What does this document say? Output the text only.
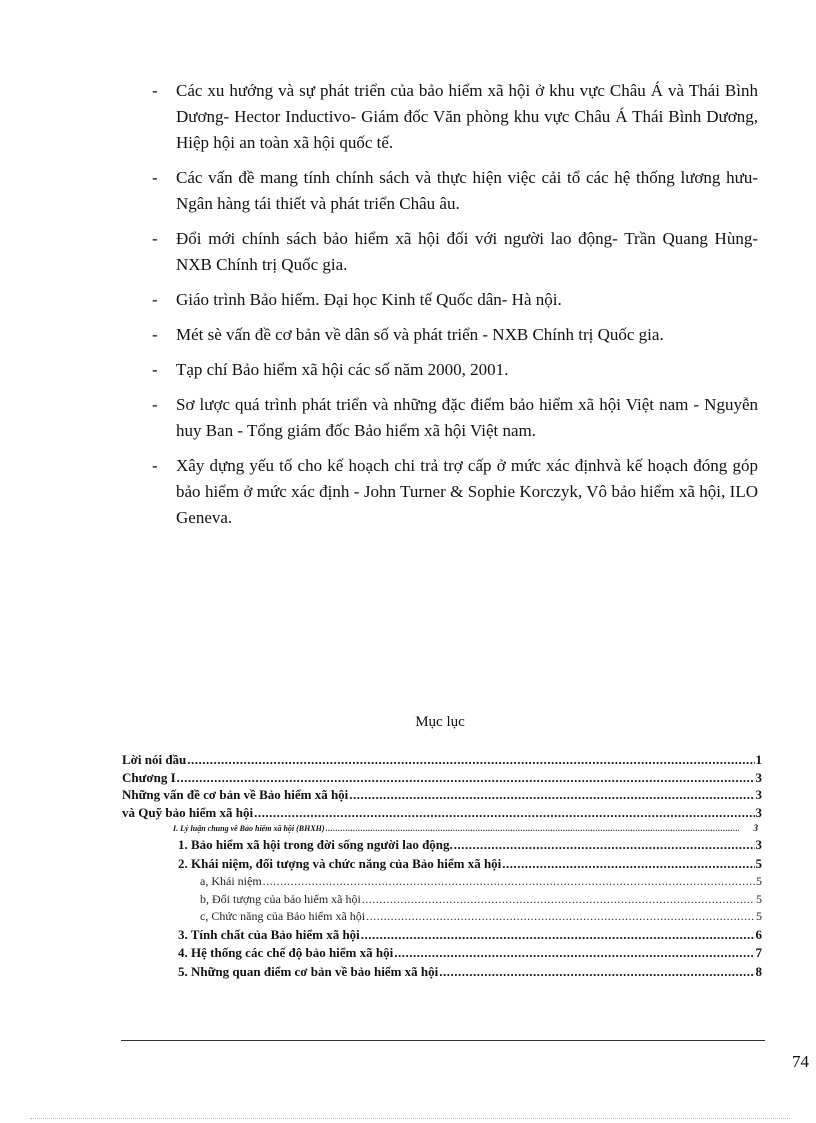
- Các xu hướng và sự phát triển của bảo hiểm xã hội ở khu vực Châu Á và Thái Bình Dương- Hector Inductivo- Giám đốc Văn phòng khu vực Châu Á Thái Bình Dương, Hiệp hội an toàn xã hội quốc tế.
- Các vấn đề mang tính chính sách và thực hiện việc cải tổ các hệ thống lương hưu- Ngân hàng tái thiết và phát triển Châu âu.
- Đổi mới chính sách bảo hiểm xã hội đối với người lao động- Trần Quang Hùng- NXB Chính trị Quốc gia.
- Giáo trình Bảo hiểm. Đại học Kinh tế Quốc dân- Hà nội.
- Mét sè vấn đề cơ bản về dân số và phát triển - NXB Chính trị Quốc gia.
- Tạp chí Bảo hiểm xã hội các số năm 2000, 2001.
- Sơ lược quá trình phát triển và những đặc điểm bảo hiểm xã hội Việt nam - Nguyễn huy Ban - Tổng giám đốc Bảo hiểm xã hội Việt nam.
- Xây dựng yếu tố cho kế hoạch chi trả trợ cấp ở mức xác địnhvà kế hoạch đóng góp bảo hiểm ở mức xác định - John Turner & Sophie Korczyk, Vô bảo hiểm xã hội, ILO Geneva.
Mục lục
Lời nói đầu .....	1
Chương I .....	3
Những vấn đề cơ bản về Bảo hiểm xã hội .....	3
và Quỹ bảo hiểm xã hội .....	3
I. Lý luận chung về Bảo hiểm xã hội (BHXH) .....	3
1. Bảo hiểm xã hội trong đời sống người lao động. .....	3
2. Khái niệm, đối tượng và chức năng của Bảo hiểm xã hội .....	5
a, Khái niệm .....	5
b, Đối tượng của bảo hiểm xã hội .....	5
c, Chức năng của Bảo hiểm xã hội .....	5
3. Tính chất của Bảo hiểm xã hội .....	6
4. Hệ thống các chế độ bảo hiểm xã hội .....	7
5. Những quan điểm cơ bản về bảo hiểm xã hội .....	8
74
